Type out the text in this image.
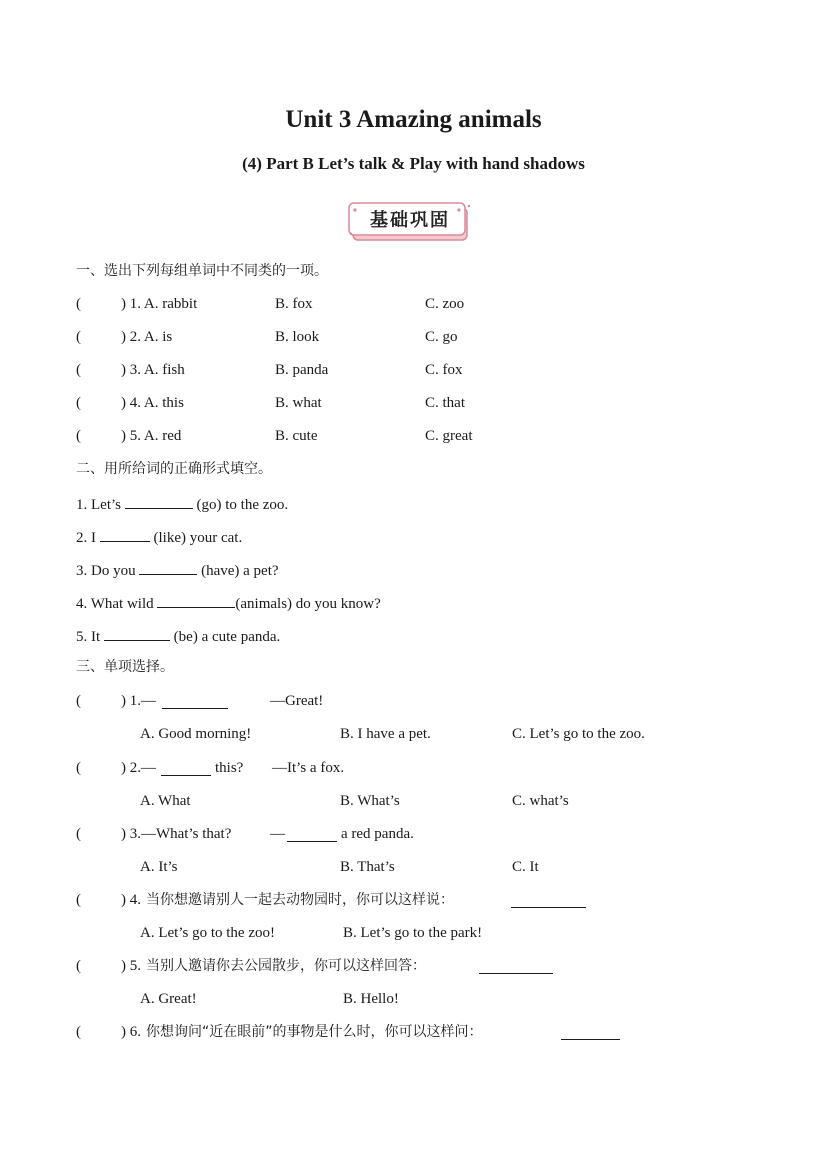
Unit 3 Amazing animals
(4) Part B Let’s talk & Play with hand shadows
基础巩固
一、选出下列每组单词中不同类的一项。
(	) 1. A. rabbit	B. fox	C. zoo
(	) 2. A. is	B. look	C. go
(	) 3. A. fish	B. panda	C. fox
(	) 4. A. this	B. what	C. that
(	) 5. A. red	B. cute	C. great
二、用所给词的正确形式填空。
1. Let’s	(go) to the zoo.
2. I	(like) your cat.
3. Do you	(have) a pet?
4. What wild	(animals) do you know?
5. It	(be) a cute panda.
三、单项选择。
(	) 1.—	—Great!
A. Good morning!	B. I have a pet.	C. Let’s go to the zoo.
(	) 2.—	this? —It’s a fox.
A. What	B. What’s	C. what’s
(	) 3.—What’s that?	—	a red panda.
A. It’s	B. That’s	C. It
(	) 4. 当你想邀请别人一起去动物园时，你可以这样说：
A. Let’s go to the zoo!	B. Let’s go to the park!
(	) 5. 当别人邀请你去公园散步，你可以这样回答：
A. Great!	B. Hello!
(	) 6. 你想询问“近在眼前”的事物是什么时，你可以这样问：
